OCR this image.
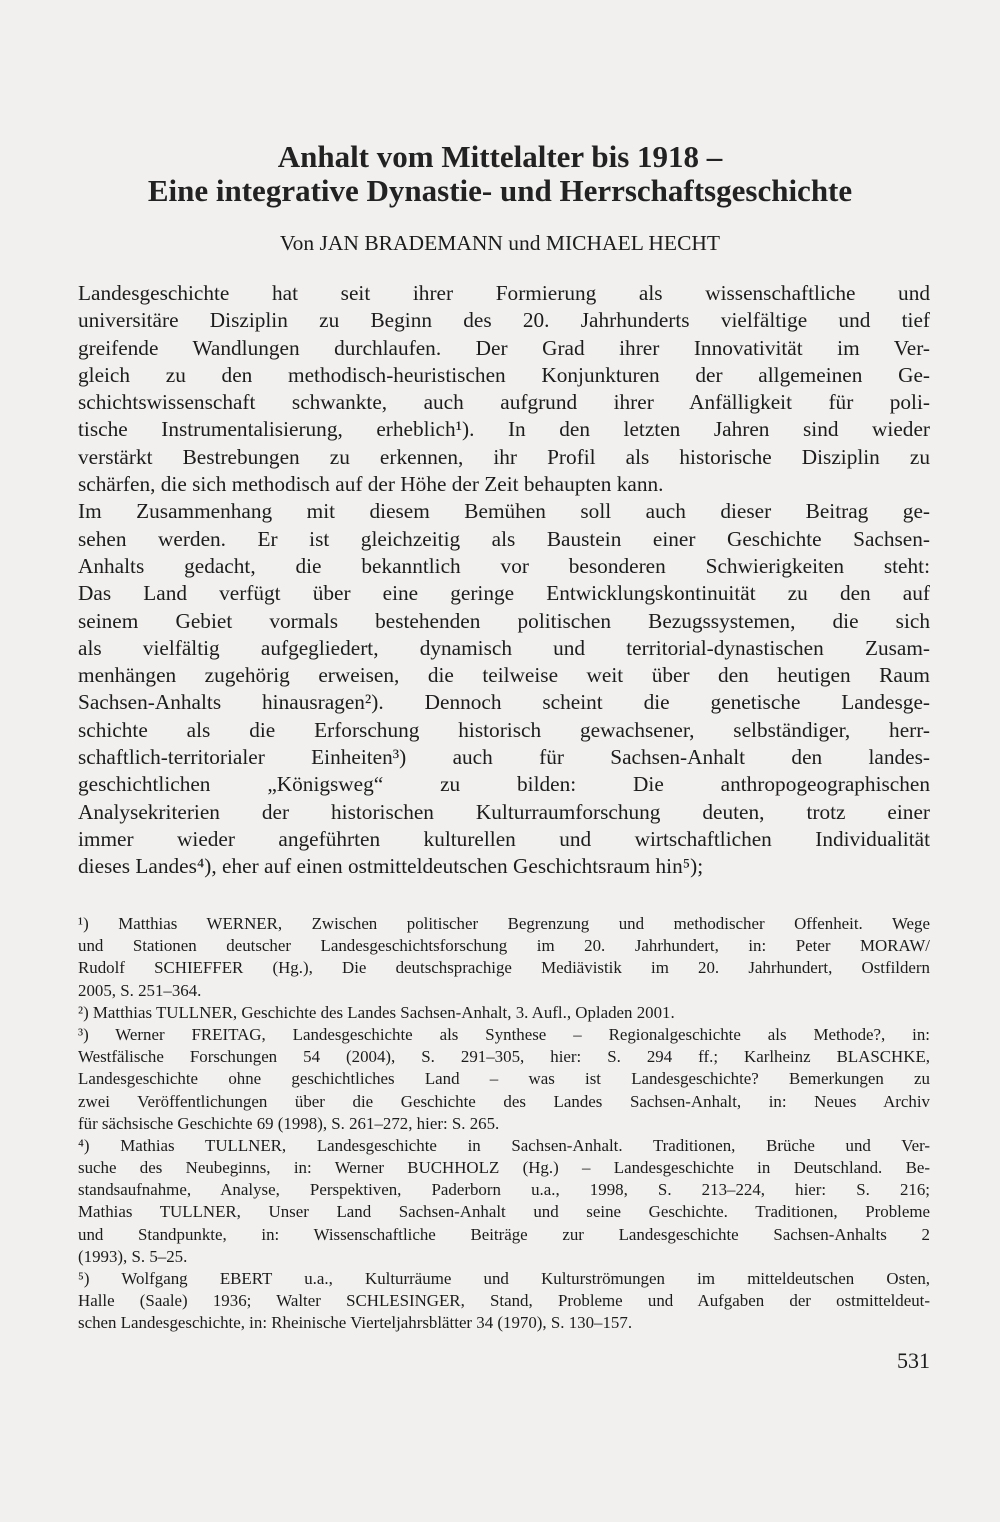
Anhalt vom Mittelalter bis 1918 –
Eine integrative Dynastie- und Herrschaftsgeschichte
Von JAN BRADEMANN und MICHAEL HECHT
Landesgeschichte hat seit ihrer Formierung als wissenschaftliche und
universitäre Disziplin zu Beginn des 20. Jahrhunderts vielfältige und tief
greifende Wandlungen durchlaufen. Der Grad ihrer Innovativität im Ver-
gleich zu den methodisch-heuristischen Konjunkturen der allgemeinen Ge-
schichtswissenschaft schwankte, auch aufgrund ihrer Anfälligkeit für poli-
tische Instrumentalisierung, erheblich¹). In den letzten Jahren sind wieder
verstärkt Bestrebungen zu erkennen, ihr Profil als historische Disziplin zu
schärfen, die sich methodisch auf der Höhe der Zeit behaupten kann.
Im Zusammenhang mit diesem Bemühen soll auch dieser Beitrag ge-
sehen werden. Er ist gleichzeitig als Baustein einer Geschichte Sachsen-
Anhalts gedacht, die bekanntlich vor besonderen Schwierigkeiten steht:
Das Land verfügt über eine geringe Entwicklungskontinuität zu den auf
seinem Gebiet vormals bestehenden politischen Bezugssystemen, die sich
als vielfältig aufgegliedert, dynamisch und territorial-dynastischen Zusam-
menhängen zugehörig erweisen, die teilweise weit über den heutigen Raum
Sachsen-Anhalts hinausragen²). Dennoch scheint die genetische Landesge-
schichte als die Erforschung historisch gewachsener, selbständiger, herr-
schaftlich-territorialer Einheiten³) auch für Sachsen-Anhalt den landes-
geschichtlichen „Königsweg“ zu bilden: Die anthropogeographischen
Analysekriterien der historischen Kulturraumforschung deuten, trotz einer
immer wieder angeführten kulturellen und wirtschaftlichen Individualität
dieses Landes⁴), eher auf einen ostmitteldeutschen Geschichtsraum hin⁵);
¹) Matthias WERNER, Zwischen politischer Begrenzung und methodischer Offenheit. Wege
und Stationen deutscher Landesgeschichtsforschung im 20. Jahrhundert, in: Peter MORAW/
Rudolf SCHIEFFER (Hg.), Die deutschsprachige Mediävistik im 20. Jahrhundert, Ostfildern
2005, S. 251–364.
²) Matthias TULLNER, Geschichte des Landes Sachsen-Anhalt, 3. Aufl., Opladen 2001.
³) Werner FREITAG, Landesgeschichte als Synthese – Regionalgeschichte als Methode?, in:
Westfälische Forschungen 54 (2004), S. 291–305, hier: S. 294 ff.; Karlheinz BLASCHKE,
Landesgeschichte ohne geschichtliches Land – was ist Landesgeschichte? Bemerkungen zu
zwei Veröffentlichungen über die Geschichte des Landes Sachsen-Anhalt, in: Neues Archiv
für sächsische Geschichte 69 (1998), S. 261–272, hier: S. 265.
⁴) Mathias TULLNER, Landesgeschichte in Sachsen-Anhalt. Traditionen, Brüche und Ver-
suche des Neubeginns, in: Werner BUCHHOLZ (Hg.) – Landesgeschichte in Deutschland. Be-
standsaufnahme, Analyse, Perspektiven, Paderborn u.a., 1998, S. 213–224, hier: S. 216;
Mathias TULLNER, Unser Land Sachsen-Anhalt und seine Geschichte. Traditionen, Probleme
und Standpunkte, in: Wissenschaftliche Beiträge zur Landesgeschichte Sachsen-Anhalts 2
(1993), S. 5–25.
⁵) Wolfgang EBERT u.a., Kulturräume und Kulturströmungen im mitteldeutschen Osten,
Halle (Saale) 1936; Walter SCHLESINGER, Stand, Probleme und Aufgaben der ostmitteldeut-
schen Landesgeschichte, in: Rheinische Vierteljahrsblätter 34 (1970), S. 130–157.
531
